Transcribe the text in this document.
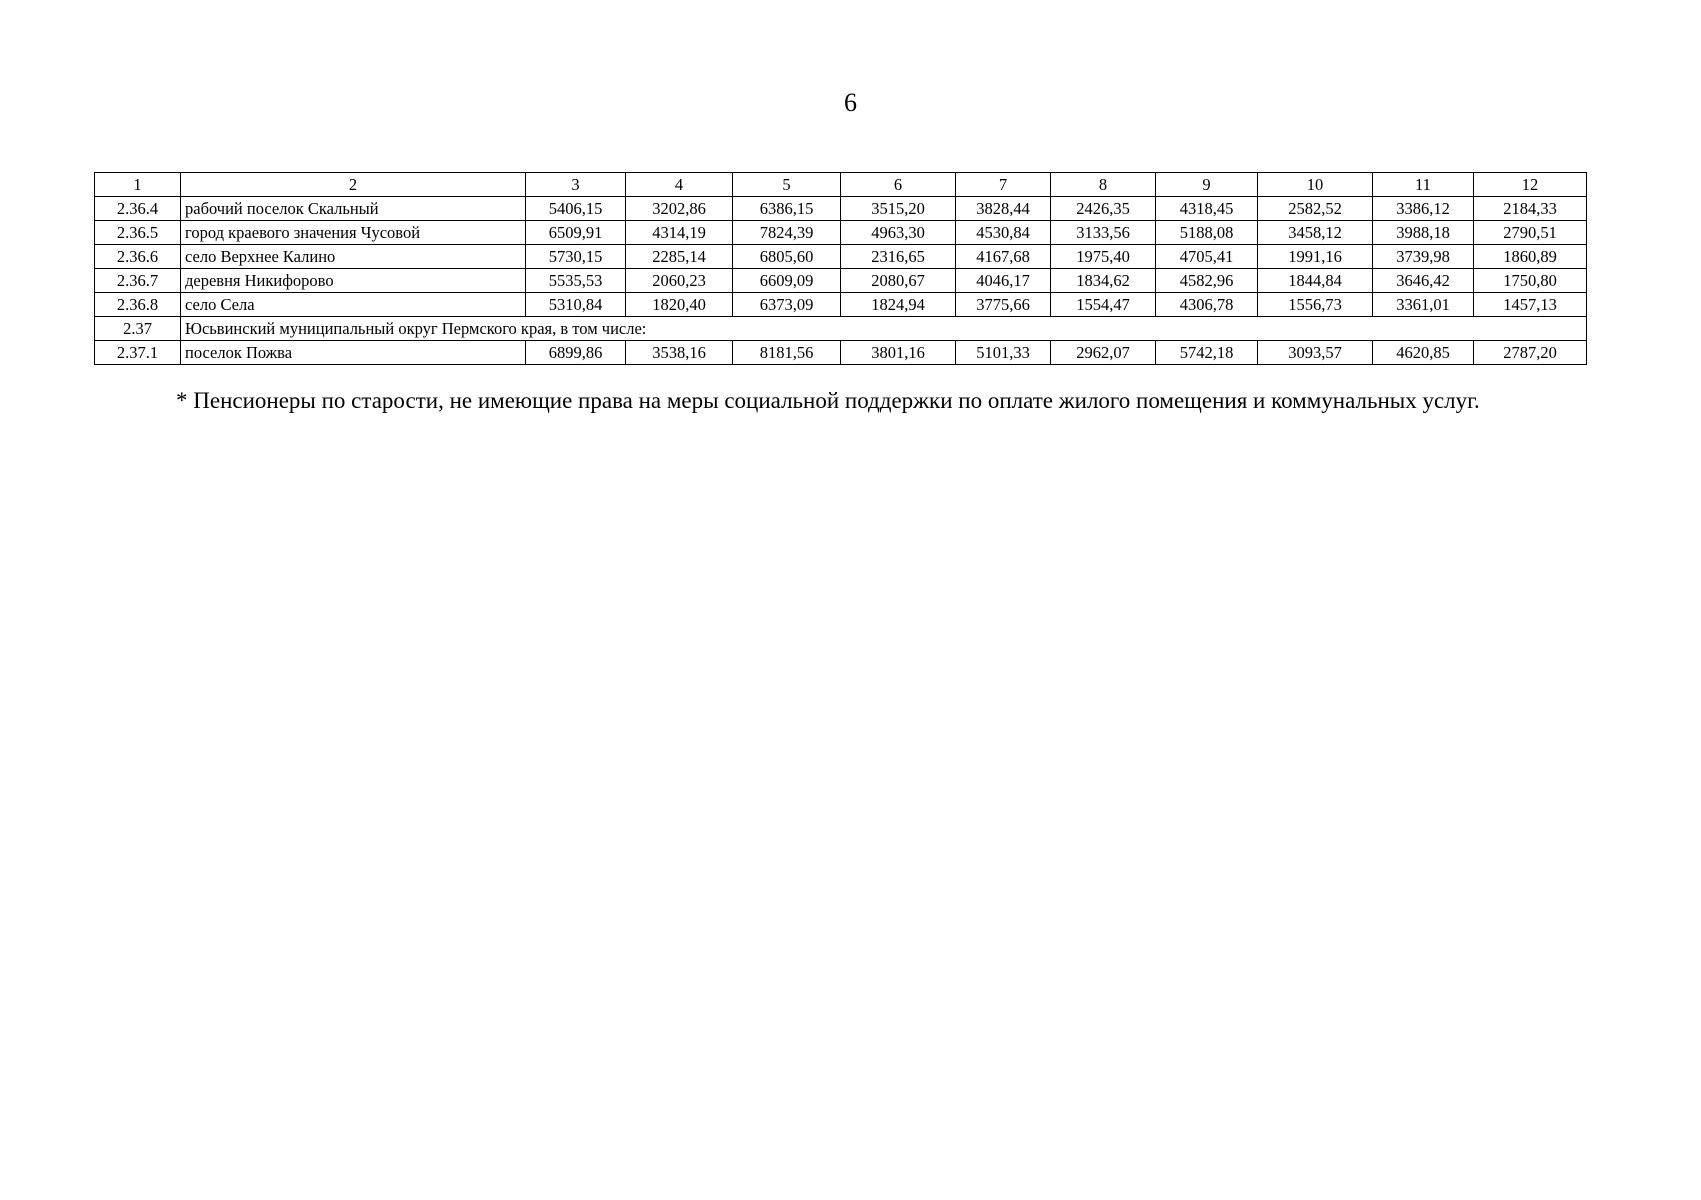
6
1	2	3	4	5	6	7	8	9	10	11	12
2.36.4	рабочий поселок Скальный	5406,15	3202,86	6386,15	3515,20	3828,44	2426,35	4318,45	2582,52	3386,12	2184,33
2.36.5	город краевого значения Чусовой	6509,91	4314,19	7824,39	4963,30	4530,84	3133,56	5188,08	3458,12	3988,18	2790,51
2.36.6	село Верхнее Калино	5730,15	2285,14	6805,60	2316,65	4167,68	1975,40	4705,41	1991,16	3739,98	1860,89
2.36.7	деревня Никифорово	5535,53	2060,23	6609,09	2080,67	4046,17	1834,62	4582,96	1844,84	3646,42	1750,80
2.36.8	село Села	5310,84	1820,40	6373,09	1824,94	3775,66	1554,47	4306,78	1556,73	3361,01	1457,13
2.37	Юсьвинский муниципальный округ Пермского края, в том числе:										
2.37.1	поселок Пожва	6899,86	3538,16	8181,56	3801,16	5101,33	2962,07	5742,18	3093,57	4620,85	2787,20
* Пенсионеры по старости, не имеющие права на меры социальной поддержки по оплате жилого помещения и коммунальных услуг.
